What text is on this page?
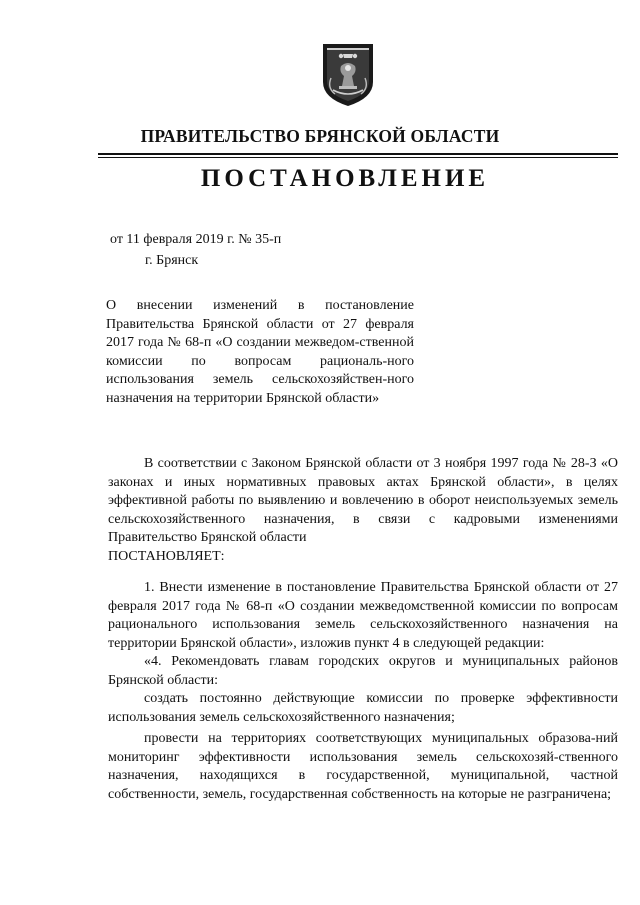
ПРАВИТЕЛЬСТВО БРЯНСКОЙ ОБЛАСТИ
ПОСТАНОВЛЕНИЕ
от 11 февраля 2019 г. № 35-п
г. Брянск
О внесении изменений в постановление Правительства Брянской области от 27 февраля 2017 года № 68-п «О создании межведом-ственной комиссии по вопросам рациональ-ного использования земель сельскохозяйствен-ного назначения на территории Брянской области»

В соответствии с Законом Брянской области от 3 ноября 1997 года № 28-З «О законах и иных нормативных правовых актах Брянской области», в целях эффективной работы по выявлению и вовлечению в оборот неиспользуемых земель сельскохозяйственного назначения, в связи с кадровыми изменениями Правительство Брянской области

ПОСТАНОВЛЯЕТ:

1. Внести изменение в постановление Правительства Брянской области от 27 февраля 2017 года № 68-п «О создании межведомственной комиссии по вопросам рационального использования земель сельскохозяйственного назначения на территории Брянской области», изложив пункт 4 в следующей редакции:

«4. Рекомендовать главам городских округов и муниципальных районов Брянской области:

создать постоянно действующие комиссии по проверке эффективности использования земель сельскохозяйственного назначения;

провести на территориях соответствующих муниципальных образова-ний мониторинг эффективности использования земель сельскохозяй-ственного назначения, находящихся в государственной, муниципальной, частной собственности, земель, государственная собственность на которые не разграничена;
